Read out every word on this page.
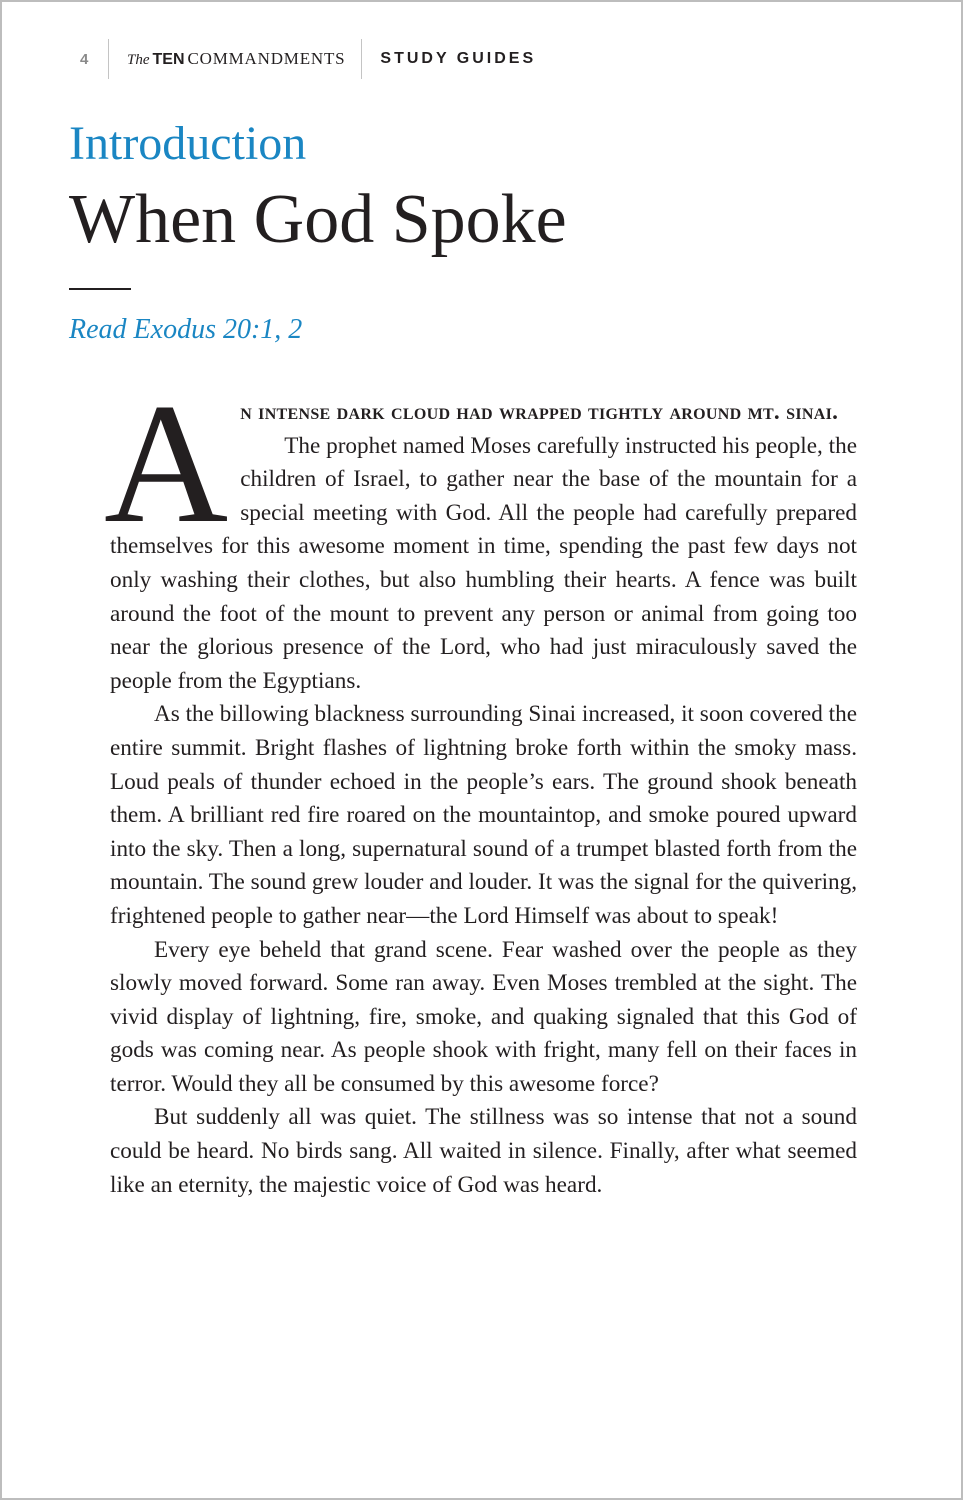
4	The TEN COMMANDMENTS STUDY GUIDES
Introduction
When God Spoke
Read Exodus 20:1, 2

A n intense dark cloud had wrapped tightly around mt. sinai.
The prophet named Moses carefully instructed his people, the children of Israel, to gather near the base of the mountain for a special meeting with God. All the people had carefully prepared themselves for this awesome moment in time, spending the past few days not only washing their clothes, but also humbling their hearts. A fence was built around the foot of the mount to prevent any person or animal from going too near the glorious presence of the Lord, who had just miraculously saved the people from the Egyptians.

As the billowing blackness surrounding Sinai increased, it soon covered the entire summit. Bright flashes of lightning broke forth within the smoky mass. Loud peals of thunder echoed in the people’s ears. The ground shook beneath them. A brilliant red fire roared on the mountaintop, and smoke poured upward into the sky. Then a long, supernatural sound of a trumpet blasted forth from the mountain. The sound grew louder and louder. It was the signal for the quivering, frightened people to gather near—the Lord Himself was about to speak!

Every eye beheld that grand scene. Fear washed over the people as they slowly moved forward. Some ran away. Even Moses trembled at the sight. The vivid display of lightning, fire, smoke, and quaking signaled that this God of gods was coming near. As people shook with fright, many fell on their faces in terror. Would they all be consumed by this awesome force?

But suddenly all was quiet. The stillness was so intense that not a sound could be heard. No birds sang. All waited in silence. Finally, after what seemed like an eternity, the majestic voice of God was heard.
